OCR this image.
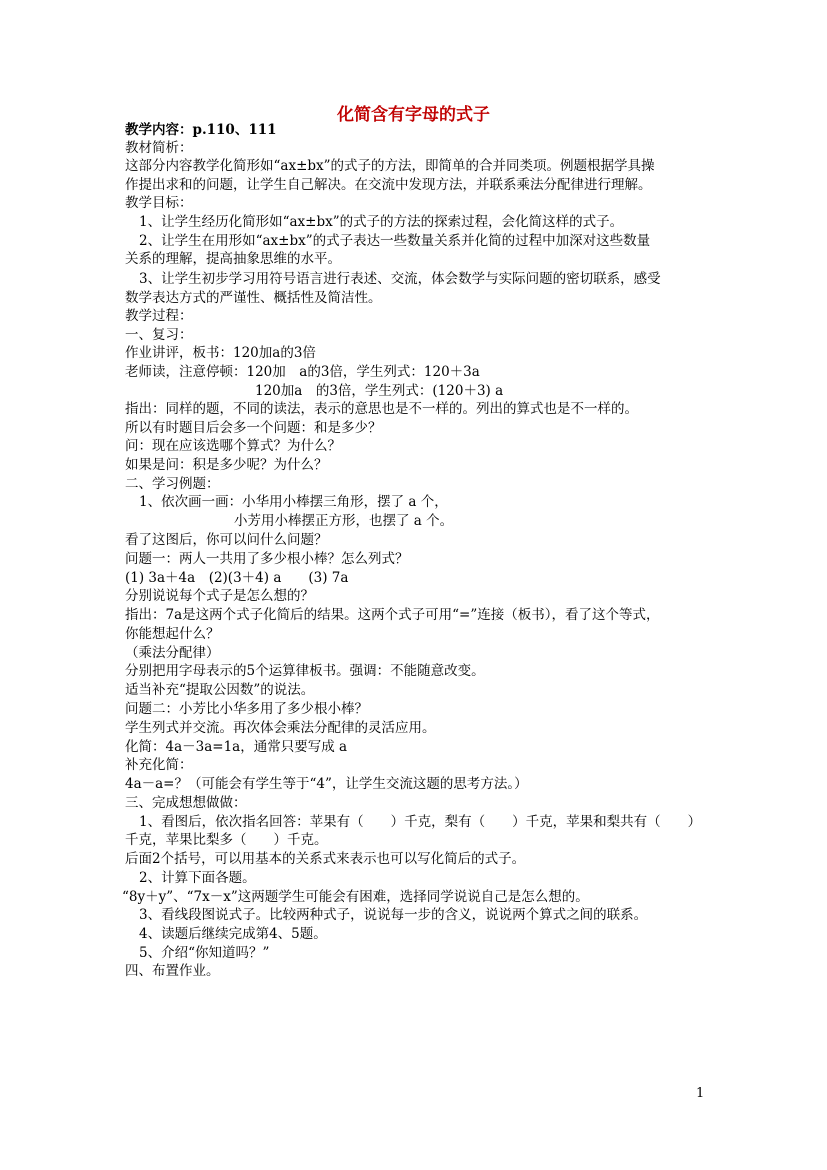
化简含有字母的式子
教学内容：p.110、111
教材简析：
这部分内容教学化简形如“ax±bx”的式子的方法，即简单的合并同类项。例题根据学具操
作提出求和的问题，让学生自己解决。在交流中发现方法，并联系乘法分配律进行理解。
教学目标：
1、让学生经历化简形如“ax±bx”的式子的方法的探索过程，会化简这样的式子。
2、让学生在用形如“ax±bx”的式子表达一些数量关系并化简的过程中加深对这些数量
关系的理解，提高抽象思维的水平。
3、让学生初步学习用符号语言进行表述、交流，体会数学与实际问题的密切联系，感受
数学表达方式的严谨性、概括性及简洁性。
教学过程：
一、复习：
作业讲评，板书：120加a的3倍
老师读，注意停顿：120加　a的3倍，学生列式：120＋3a
120加a　的3倍，学生列式：(120＋3) a
指出：同样的题，不同的读法，表示的意思也是不一样的。列出的算式也是不一样的。
所以有时题目后会多一个问题：和是多少？
问：现在应该选哪个算式？为什么？
如果是问：积是多少呢？为什么？
二、学习例题：
1、依次画一画：小华用小棒摆三角形，摆了 a 个，
小芳用小棒摆正方形，也摆了 a 个。
看了这图后，你可以问什么问题？
问题一：两人一共用了多少根小棒？怎么列式？
(1) 3a＋4a　(2)(3＋4) a　　(3) 7a
分别说说每个式子是怎么想的？
指出：7a是这两个式子化简后的结果。这两个式子可用“=”连接（板书），看了这个等式，
你能想起什么？
（乘法分配律）
分别把用字母表示的5个运算律板书。强调：不能随意改变。
适当补充“提取公因数”的说法。
问题二：小芳比小华多用了多少根小棒？
学生列式并交流。再次体会乘法分配律的灵活应用。
化简：4a－3a=1a，通常只要写成 a
补充化简：
4a－a=？（可能会有学生等于“4”，让学生交流这题的思考方法。）
三、完成想想做做：
1、看图后，依次指名回答：苹果有（　　）千克，梨有（　　）千克，苹果和梨共有（　　）
千克，苹果比梨多（　　）千克。
后面2个括号，可以用基本的关系式来表示也可以写化简后的式子。
2、计算下面各题。
“8y＋y”、“7x－x”这两题学生可能会有困难，选择同学说说自己是怎么想的。
3、看线段图说式子。比较两种式子，说说每一步的含义，说说两个算式之间的联系。
4、读题后继续完成第4、5题。
5、介绍“你知道吗？”
四、布置作业。
1
